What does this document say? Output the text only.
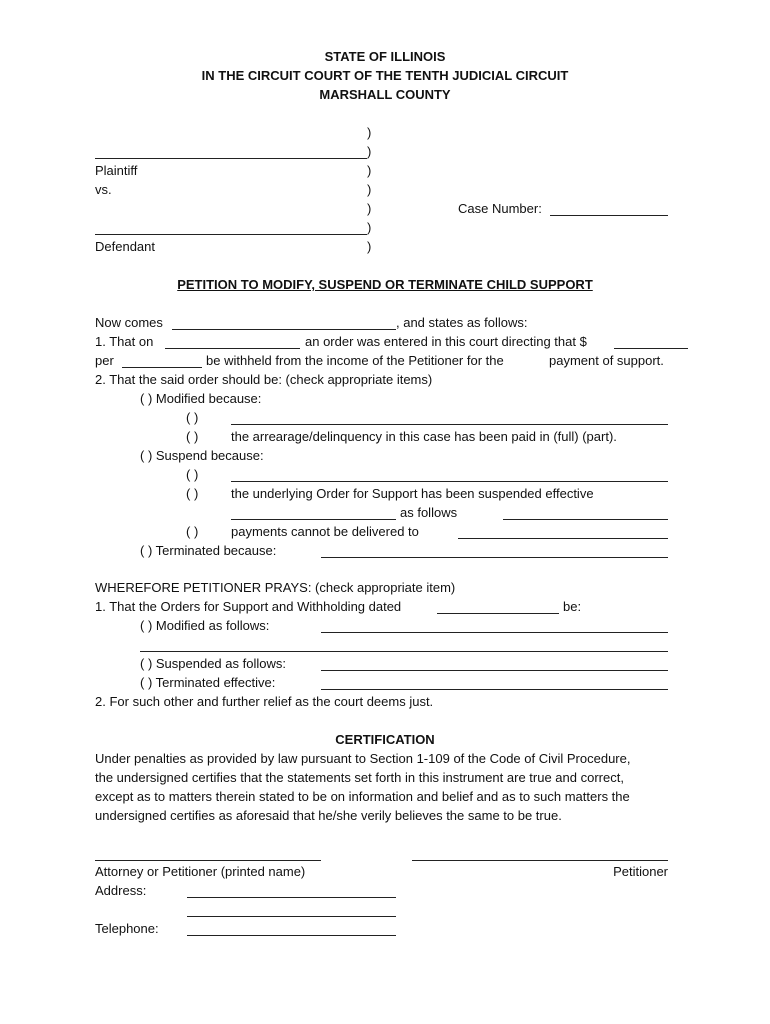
STATE OF ILLINOIS
IN THE CIRCUIT COURT OF THE TENTH JUDICIAL CIRCUIT
MARSHALL COUNTY
)
)
Plaintiff	)
vs.	)
)	Case Number:
)
Defendant	)
PETITION TO MODIFY, SUSPEND OR TERMINATE CHILD SUPPORT
Now comes	, and states as follows:
1. That on	an order was entered in this court directing that $
per	be withheld from the income of the Petitioner for the	payment of support.
2. That the said order should be: (check appropriate items)
( ) Modified because:
( )
( )	the arrearage/delinquency in this case has been paid in (full) (part).
( ) Suspend because:
( )
( )	the underlying Order for Support has been suspended effective
as follows
( )	payments cannot be delivered to
( ) Terminated because:
WHEREFORE PETITIONER PRAYS: (check appropriate item)
1. That the Orders for Support and Withholding dated	be:
( ) Modified as follows:
( ) Suspended as follows:
( ) Terminated effective:
2. For such other and further relief as the court deems just.
CERTIFICATION
Under penalties as provided by law pursuant to Section 1-109 of the Code of Civil Procedure,
the undersigned certifies that the statements set forth in this instrument are true and correct,
except as to matters therein stated to be on information and belief and as to such matters the
undersigned certifies as aforesaid that he/she verily believes the same to be true.
Attorney or Petitioner (printed name)	Petitioner
Address:
Telephone:
